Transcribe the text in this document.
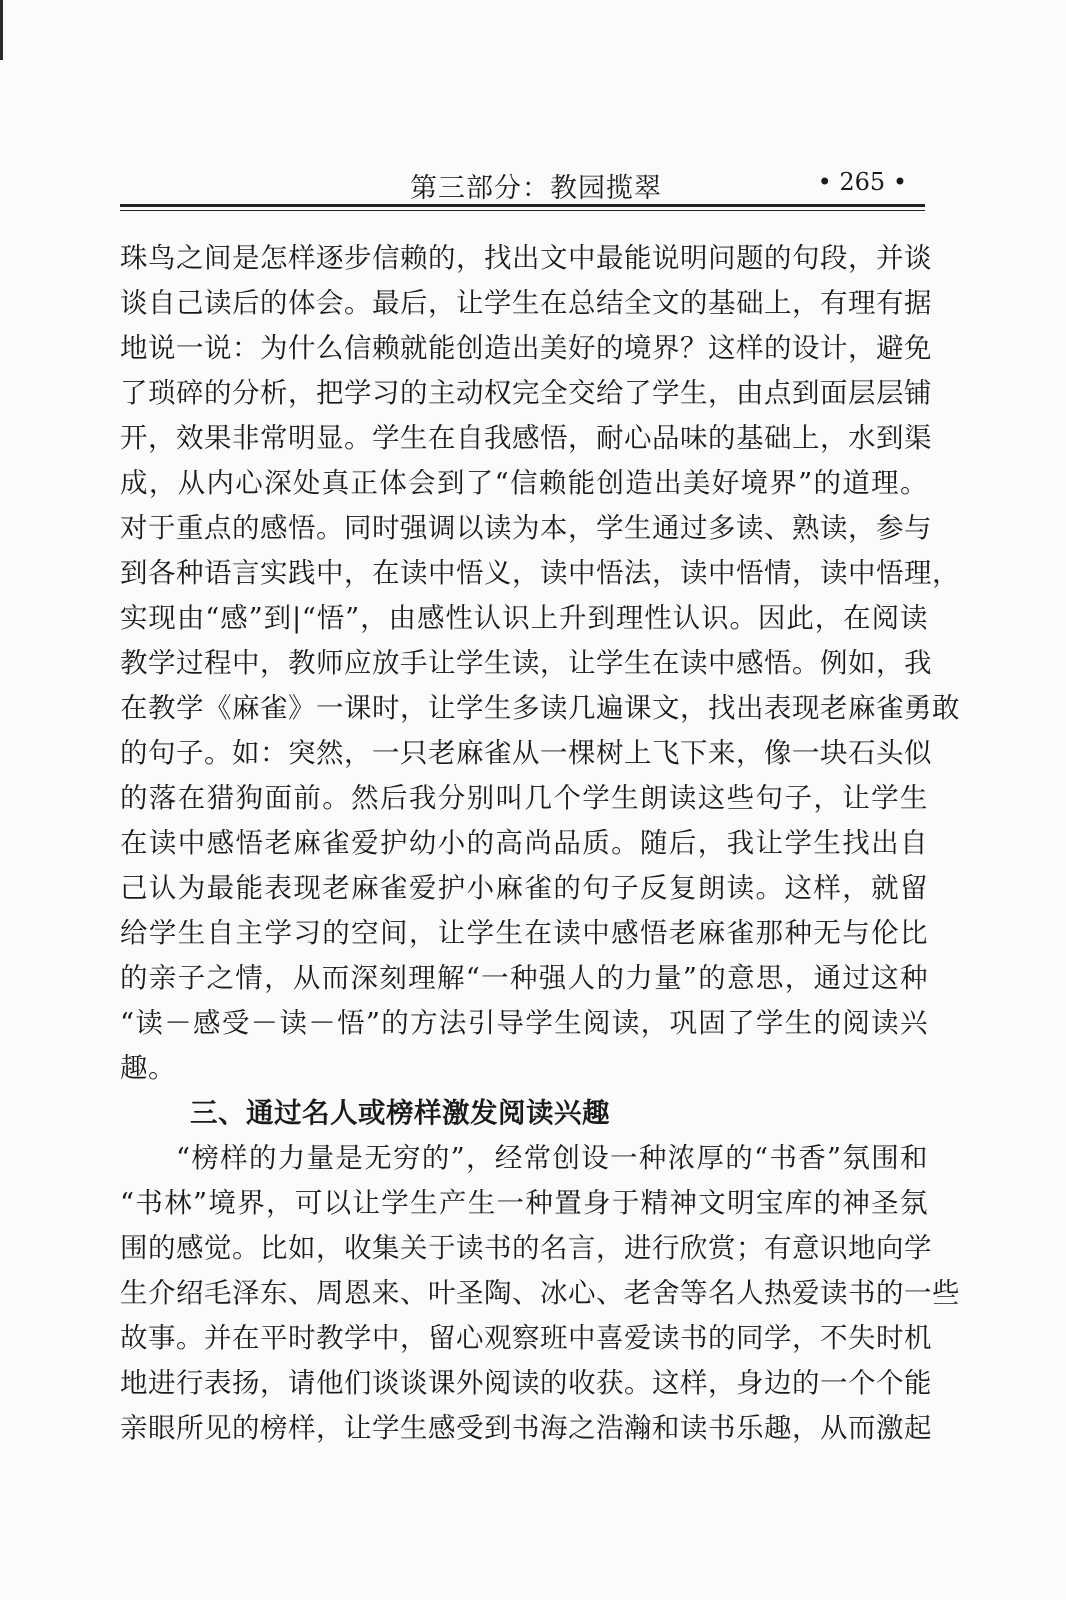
第三部分：教园揽翠	• 265 •
珠鸟之间是怎样逐步信赖的，找出文中最能说明问题的句段，并谈
谈自己读后的体会。最后，让学生在总结全文的基础上，有理有据
地说一说：为什么信赖就能创造出美好的境界？这样的设计，避免
了琐碎的分析，把学习的主动权完全交给了学生，由点到面层层铺
开，效果非常明显。学生在自我感悟，耐心品味的基础上，水到渠
成，从内心深处真正体会到了“信赖能创造出美好境界”的道理。
对于重点的感悟。同时强调以读为本，学生通过多读、熟读，参与
到各种语言实践中，在读中悟义，读中悟法，读中悟情，读中悟理，
实现由“感”到|“悟”，由感性认识上升到理性认识。因此，在阅读
教学过程中，教师应放手让学生读，让学生在读中感悟。例如，我
在教学《麻雀》一课时，让学生多读几遍课文，找出表现老麻雀勇敢
的句子。如：突然，一只老麻雀从一棵树上飞下来，像一块石头似
的落在猎狗面前。然后我分别叫几个学生朗读这些句子，让学生
在读中感悟老麻雀爱护幼小的高尚品质。随后，我让学生找出自
己认为最能表现老麻雀爱护小麻雀的句子反复朗读。这样，就留
给学生自主学习的空间，让学生在读中感悟老麻雀那种无与伦比
的亲子之情，从而深刻理解“一种强人的力量”的意思，通过这种
“读－感受－读－悟”的方法引导学生阅读，巩固了学生的阅读兴
趣。
三、通过名人或榜样激发阅读兴趣
“榜样的力量是无穷的”，经常创设一种浓厚的“书香”氛围和
“书林”境界，可以让学生产生一种置身于精神文明宝库的神圣氛
围的感觉。比如，收集关于读书的名言，进行欣赏；有意识地向学
生介绍毛泽东、周恩来、叶圣陶、冰心、老舍等名人热爱读书的一些
故事。并在平时教学中，留心观察班中喜爱读书的同学，不失时机
地进行表扬，请他们谈谈课外阅读的收获。这样，身边的一个个能
亲眼所见的榜样，让学生感受到书海之浩瀚和读书乐趣，从而激起
